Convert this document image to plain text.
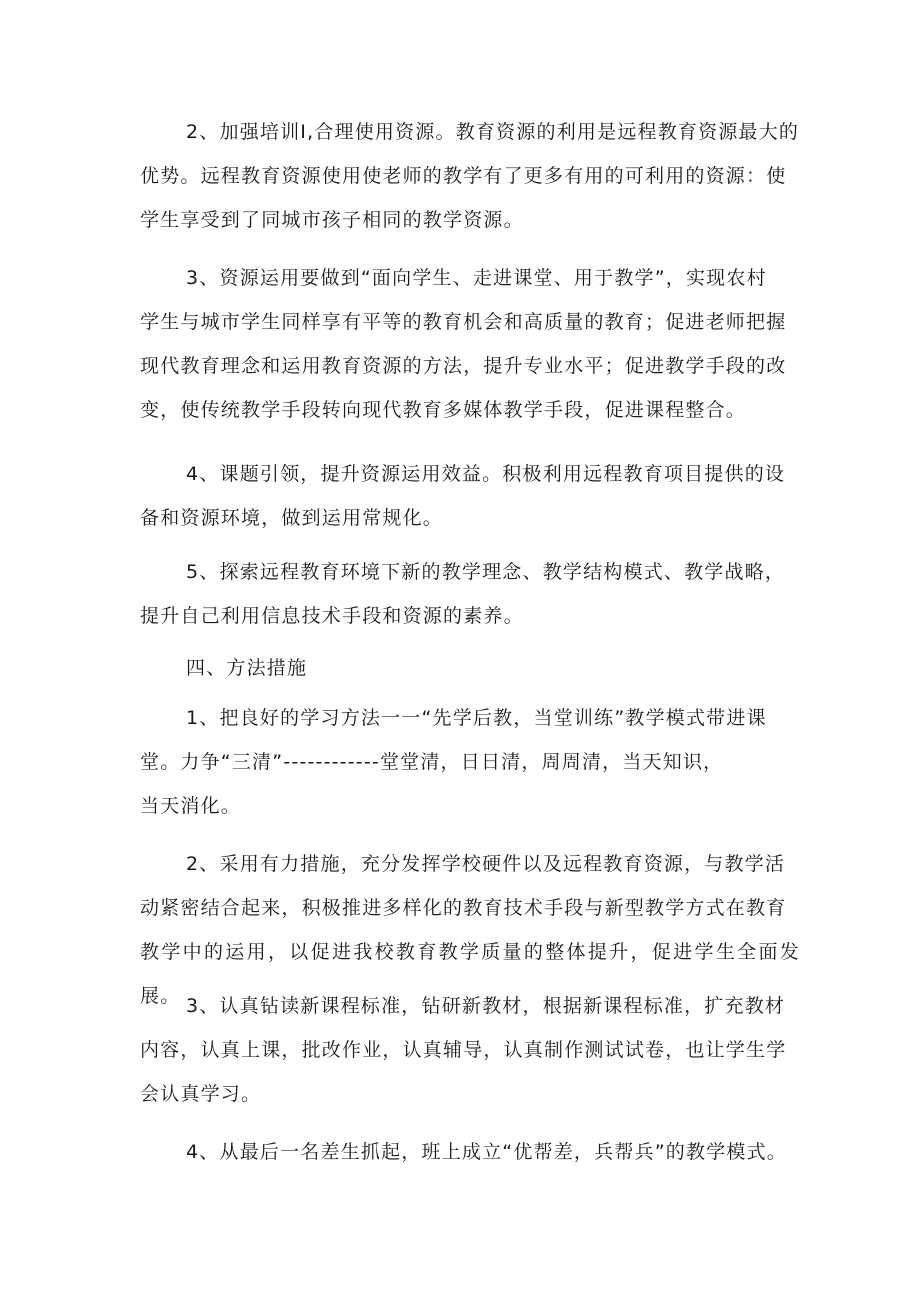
2、加强培训I,合理使用资源。教育资源的利用是远程教育资源最大的
优势。远程教育资源使用使老师的教学有了更多有用的可利用的资源：使
学生享受到了同城市孩子相同的教学资源。

3、资源运用要做到“面向学生、走进课堂、用于教学”，实现农村
学生与城市学生同样享有平等的教育机会和高质量的教育；促进老师把握
现代教育理念和运用教育资源的方法，提升专业水平；促进教学手段的改
变，使传统教学手段转向现代教育多媒体教学手段，促进课程整合。

4、课题引领，提升资源运用效益。积极利用远程教育项目提供的设
备和资源环境，做到运用常规化。

5、探索远程教育环境下新的教学理念、教学结构模式、教学战略，
提升自己利用信息技术手段和资源的素养。

四、方法措施

1、把良好的学习方法一一“先学后教，当堂训练”教学模式带进课
堂。力争“三清”------------堂堂清，日日清，周周清，当天知识，
当天消化。

2、采用有力措施，充分发挥学校硬件以及远程教育资源，与教学活
动紧密结合起来，积极推进多样化的教育技术手段与新型教学方式在教育
教学中的运用，以促进我校教育教学质量的整体提升，促进学生全面发展。 3、认真钻读新课程标准，钻研新教材，根据新课程标准，扩充教材
内容，认真上课，批改作业，认真辅导，认真制作测试试卷，也让学生学
会认真学习。

4、从最后一名差生抓起，班上成立“优帮差，兵帮兵”的教学模式。
